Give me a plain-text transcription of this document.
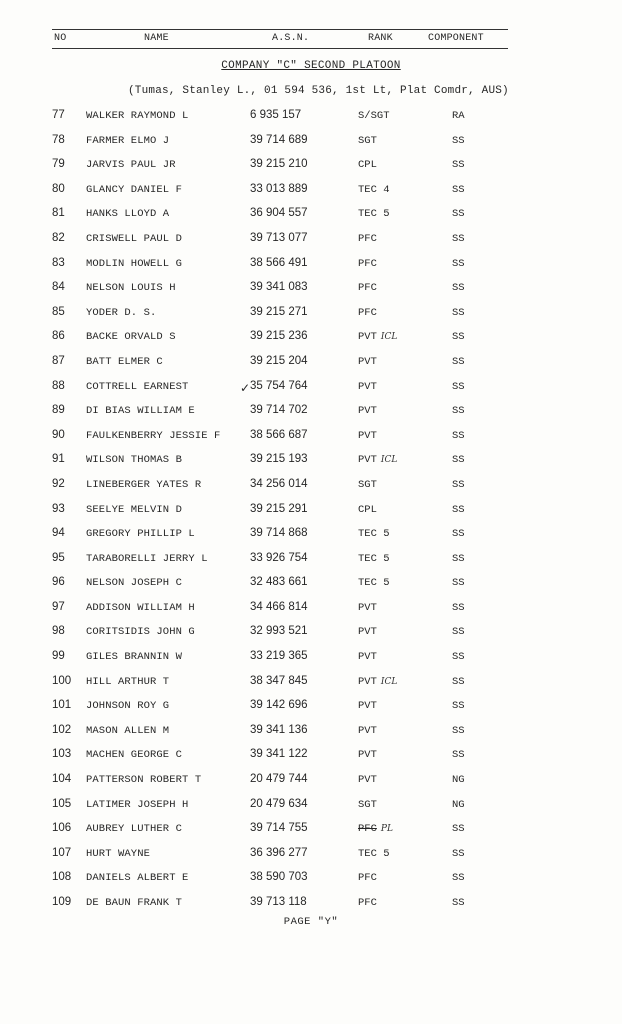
NO	NAME	A.S.N.	RANK	COMPONENT
COMPANY "C" SECOND PLATOON
(Tumas, Stanley L., 01 594 536, 1st Lt, Plat Comdr, AUS)
77 WALKER RAYMOND L	6 935 157	S/SGT	RA
78 FARMER ELMO J	39 714 689	SGT	SS
79 JARVIS PAUL JR	39 215 210	CPL	SS
80 GLANCY DANIEL F	33 013 889	TEC 4	SS
81 HANKS LLOYD A	36 904 557	TEC 5	SS
82 CRISWELL PAUL D	39 713 077	PFC	SS
83 MODLIN HOWELL G	38 566 491	PFC	SS
84 NELSON LOUIS H	39 341 083	PFC	SS
85 YODER D. S.	39 215 271	PFC	SS
86 BACKE ORVALD S	39 215 236	PVT ICL	SS
87 BATT ELMER C	39 215 204	PVT	SS
88 COTTRELL EARNEST	✓ 35 754 764	PVT	SS
89 DI BIAS WILLIAM E	39 714 702	PVT	SS
90 FAULKENBERRY JESSIE F	38 566 687	PVT	SS
91 WILSON THOMAS B	39 215 193	PVT ICL	SS
92 LINEBERGER YATES R	34 256 014	SGT	SS
93 SEELYE MELVIN D	39 215 291	CPL	SS
94 GREGORY PHILLIP L	39 714 868	TEC 5	SS
95 TARABORELLI JERRY L	33 926 754	TEC 5	SS
96 NELSON JOSEPH C	32 483 661	TEC 5	SS
97 ADDISON WILLIAM H	34 466 814	PVT	SS
98 CORITSIDIS JOHN G	32 993 521	PVT	SS
99 GILES BRANNIN W	33 219 365	PVT	SS
100 HILL ARTHUR T	38 347 845	PVT ICL	SS
101 JOHNSON ROY G	39 142 696	PVT	SS
102 MASON ALLEN M	39 341 136	PVT	SS
103 MACHEN GEORGE C	39 341 122	PVT	SS
104 PATTERSON ROBERT T	20 479 744	PVT	NG
105 LATIMER JOSEPH H	20 479 634	SGT	NG
106 AUBREY LUTHER C	39 714 755	PFC PL	SS
107 HURT WAYNE	36 396 277	TEC 5	SS
108 DANIELS ALBERT E	38 590 703	PFC	SS
109 DE BAUN FRANK T	39 713 118	PFC	SS
PAGE "Y"
